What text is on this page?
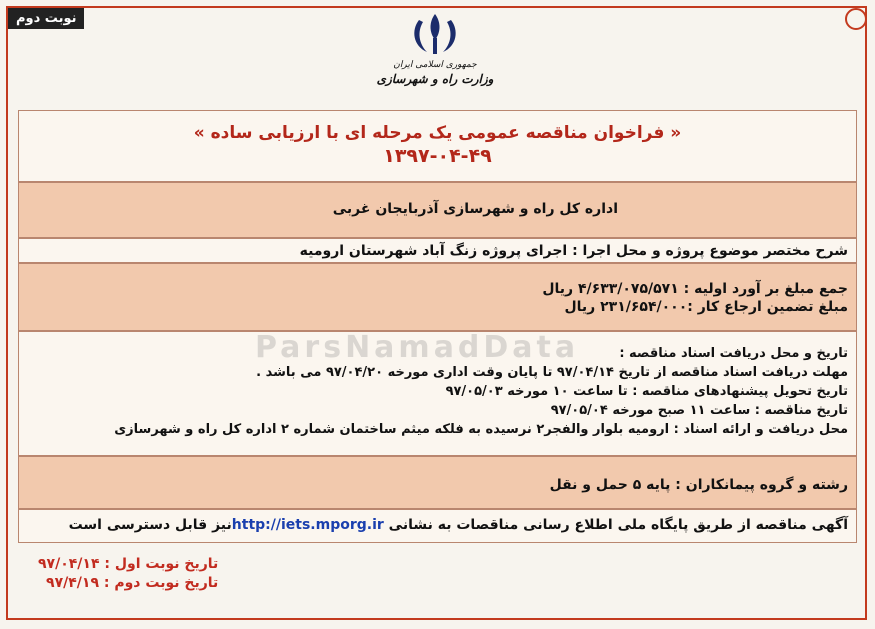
نوبت دوم
جمهوری اسلامی ایران
وزارت راه و شهرسازی
« فراخوان مناقصه عمومی یک مرحله ای با ارزیابی ساده »
۱۳۹۷-۰۴-۴۹
اداره کل راه و شهرسازی آذربایجان غربی
شرح مختصر موضوع پروژه و محل اجرا : اجرای پروژه زنگ آباد شهرستان ارومیه
جمع مبلغ بر آورد اولیه : ۴/۶۳۳/۰۷۵/۵۷۱ ریال
مبلغ تضمین ارجاع کار :۲۳۱/۶۵۴/۰۰۰ ریال
تاریخ و محل دریافت اسناد مناقصه :
مهلت دریافت اسناد مناقصه از تاریخ ۹۷/۰۴/۱۴ تا پایان وقت اداری مورخه ۹۷/۰۴/۲۰ می باشد .
تاریخ تحویل پیشنهادهای مناقصه : تا ساعت ۱۰ مورخه ۹۷/۰۵/۰۳
تاریخ مناقصه : ساعت ۱۱ صبح مورخه ۹۷/۰۵/۰۴
محل دریافت و ارائه اسناد : ارومیه بلوار والفجر۲ نرسیده به فلکه میثم ساختمان شماره ۲ اداره کل راه و شهرسازی
رشته و گروه پیمانکاران : پایه ۵ حمل و نقل
آگهی مناقصه از طریق پایگاه ملی اطلاع رسانی مناقصات به نشانی http://iets.mporg.irنیز قابل دسترسی است
تاریخ نوبت اول : ۹۷/۰۴/۱۴
تاریخ نوبت دوم : ۹۷/۴/۱۹
ParsNamadData
